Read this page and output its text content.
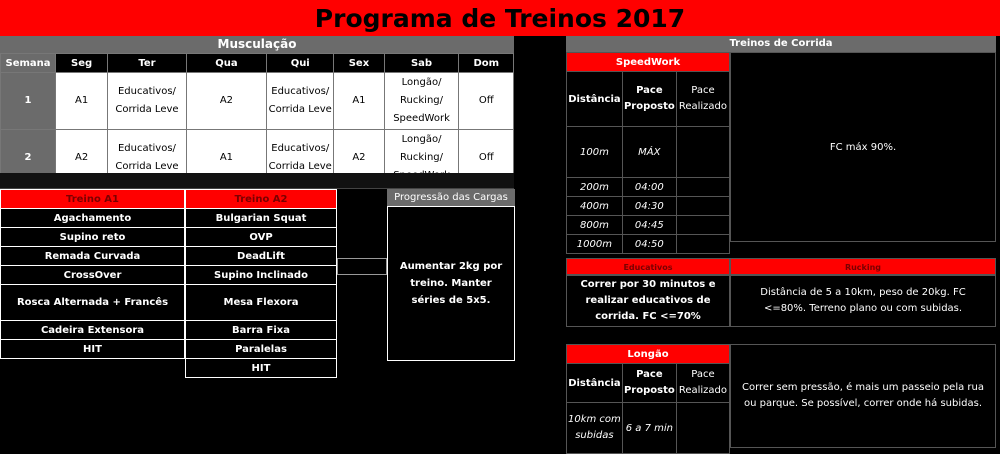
Programa de Treinos 2017
Musculação
Semana	Seg	Ter	Qua	Qui	Sex	Sab	Dom
1	A1	Educativos/ Corrida Leve	A2	Educativos/ Corrida Leve	A1	Longão/ Rucking/ SpeedWork	Off
2	A2	Educativos/ Corrida Leve	A1	Educativos/ Corrida Leve	A2	Longão/ Rucking/	Off
Treino A1
Agachamento
Supino reto
Remada Curvada
CrossOver
Rosca Alternada + Francês
Cadeira Extensora
HIT
Treino A2
Bulgarian Squat
OVP
DeadLift
Supino Inclinado
Mesa Flexora
Barra Fixa
Paralelas
HIT
Progressão das Cargas
Aumentar 2kg por treino. Manter séries de 5x5.
Treinos de Corrida
SpeedWork		
Distância	Pace Proposto	Pace Realizado
100m	MÁX	
200m	04:00	
400m	04:30	
800m	04:45	
1000m	04:50	
FC máx 90%.
Educativos
Correr por 30 minutos e realizar educativos de corrida. FC <=70%
Rucking
Distância de 5 a 10km, peso de 20kg. FC <=80%. Terreno plano ou com subidas.
Longão		
Distância	Pace Proposto	Pace Realizado
10km com subidas	6 a 7 min	
Correr sem pressão, é mais um passeio pela rua ou parque. Se possível, correr onde há subidas.
